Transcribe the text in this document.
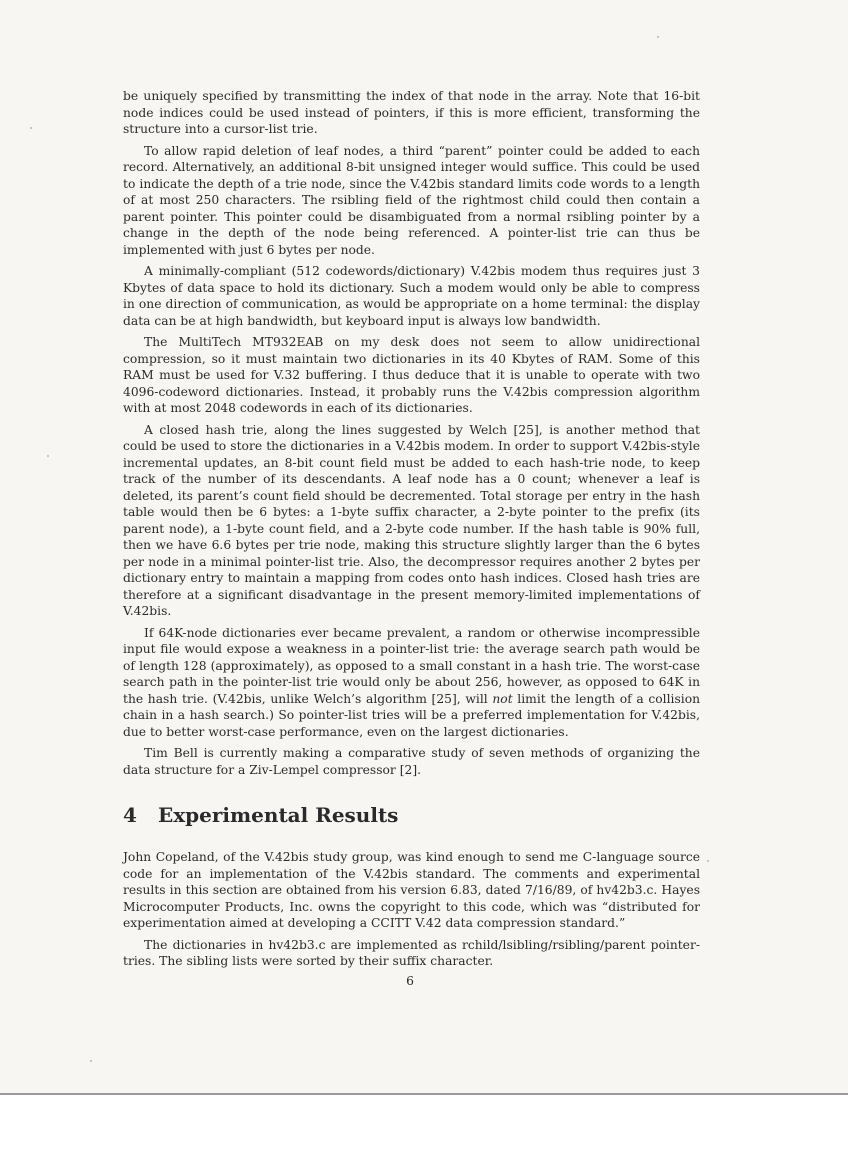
be uniquely specified by transmitting the index of that node in the array. Note that 16-bit node indices could be used instead of pointers, if this is more efficient, transforming the structure into a cursor-list trie.

To allow rapid deletion of leaf nodes, a third “parent” pointer could be added to each record. Alternatively, an additional 8-bit unsigned integer would suffice. This could be used to indicate the depth of a trie node, since the V.42bis standard limits code words to a length of at most 250 characters. The rsibling field of the rightmost child could then contain a parent pointer. This pointer could be disambiguated from a normal rsibling pointer by a change in the depth of the node being referenced. A pointer-list trie can thus be implemented with just 6 bytes per node.

A minimally-compliant (512 codewords/dictionary) V.42bis modem thus requires just 3 Kbytes of data space to hold its dictionary. Such a modem would only be able to compress in one direction of communication, as would be appropriate on a home terminal: the display data can be at high bandwidth, but keyboard input is always low bandwidth.

The MultiTech MT932EAB on my desk does not seem to allow unidirectional compression, so it must maintain two dictionaries in its 40 Kbytes of RAM. Some of this RAM must be used for V.32 buffering. I thus deduce that it is unable to operate with two 4096-codeword dictionaries. Instead, it probably runs the V.42bis compression algorithm with at most 2048 codewords in each of its dictionaries.

A closed hash trie, along the lines suggested by Welch [25], is another method that could be used to store the dictionaries in a V.42bis modem. In order to support V.42bis-style incremental updates, an 8-bit count field must be added to each hash-trie node, to keep track of the number of its descendants. A leaf node has a 0 count; whenever a leaf is deleted, its parent’s count field should be decremented. Total storage per entry in the hash table would then be 6 bytes: a 1-byte suffix character, a 2-byte pointer to the prefix (its parent node), a 1-byte count field, and a 2-byte code number. If the hash table is 90% full, then we have 6.6 bytes per trie node, making this structure slightly larger than the 6 bytes per node in a minimal pointer-list trie. Also, the decompressor requires another 2 bytes per dictionary entry to maintain a mapping from codes onto hash indices. Closed hash tries are therefore at a significant disadvantage in the present memory-limited implementations of V.42bis.

If 64K-node dictionaries ever became prevalent, a random or otherwise incompressible input file would expose a weakness in a pointer-list trie: the average search path would be of length 128 (approximately), as opposed to a small constant in a hash trie. The worst-case search path in the pointer-list trie would only be about 256, however, as opposed to 64K in the hash trie. (V.42bis, unlike Welch’s algorithm [25], will not limit the length of a collision chain in a hash search.) So pointer-list tries will be a preferred implementation for V.42bis, due to better worst-case performance, even on the largest dictionaries.

Tim Bell is currently making a comparative study of seven methods of organizing the data structure for a Ziv-Lempel compressor [2].

4 Experimental Results

John Copeland, of the V.42bis study group, was kind enough to send me C-language source code for an implementation of the V.42bis standard. The comments and experimental results in this section are obtained from his version 6.83, dated 7/16/89, of hv42b3.c. Hayes Microcomputer Products, Inc. owns the copyright to this code, which was “distributed for experimentation aimed at developing a CCITT V.42 data compression standard.”

The dictionaries in hv42b3.c are implemented as rchild/lsibling/rsibling/parent pointer-tries. The sibling lists were sorted by their suffix character.

6
